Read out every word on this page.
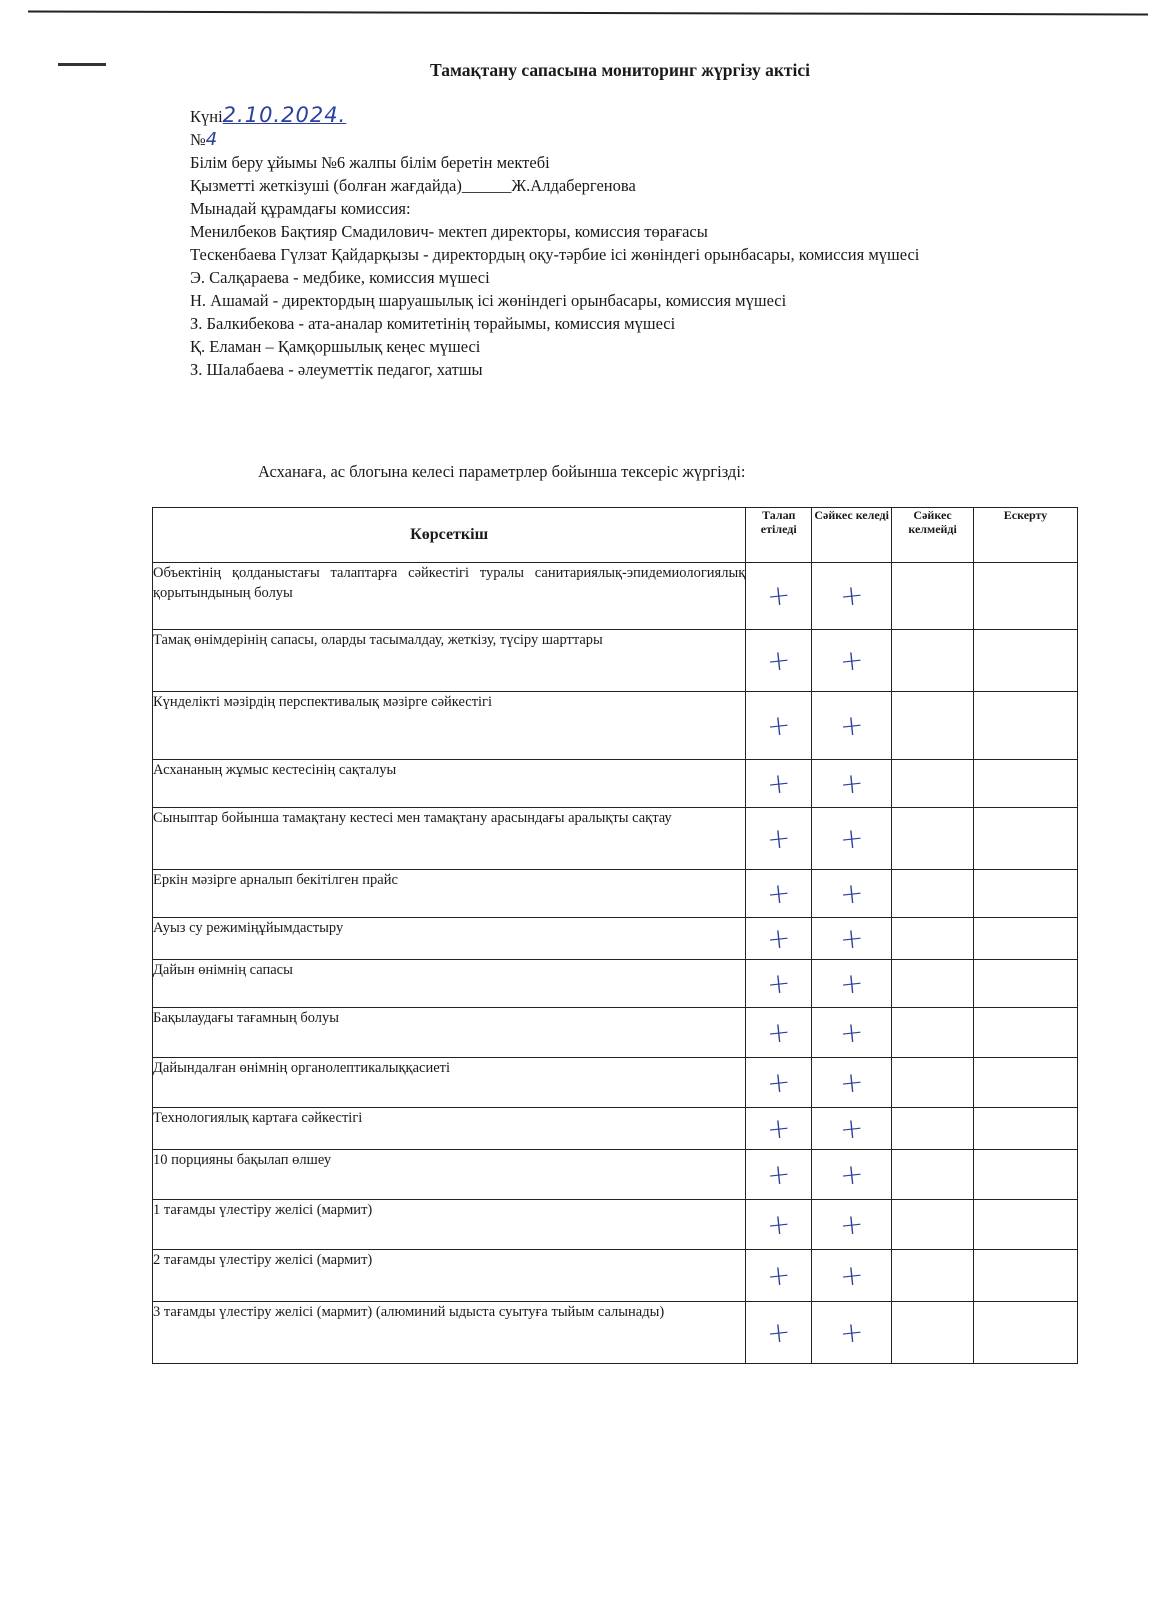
Тамақтану сапасына мониторинг жүргізу актісі
Күні2.10.2024.
№4
Білім беру ұйымы №6 жалпы білім беретін мектебі
Қызметті жеткізуші (болған жағдайда)______Ж.Алдабергенова
Мынадай құрамдағы комиссия:
Менилбеков Бақтияр Смадилович- мектеп директоры, комиссия төрағасы
Тескенбаева Гүлзат Қайдарқызы - директордың оқу-тәрбие ісі жөніндегі орынбасары, комиссия мүшесі
Э. Салқараева - медбике, комиссия мүшесі
Н. Ашамай - директордың шаруашылық ісі жөніндегі орынбасары, комиссия мүшесі
З. Балкибекова - ата-аналар комитетінің төрайымы, комиссия мүшесі
Қ. Еламан – Қамқоршылық кеңес мүшесі
З. Шалабаева - әлеуметтік педагог, хатшы
Асханаға, ас блогына келесі параметрлер бойынша тексеріс жүргізді:
Көрсеткіш	Талап етіледі	Сәйкес келеді	Сәйкес келмейді	Ескерту
Объектінің қолданыстағы талаптарға сәйкестігі туралы санитариялық-эпидемиологиялық қорытындының болуы	+	+		
Тамақ өнімдерінің сапасы, оларды тасымалдау, жеткізу, түсіру шарттары	+	+		
Күнделікті мәзірдің перспективалық мәзірге сәйкестігі	+	+		
Асхананың жұмыс кестесінің сақталуы	+	+		
Сыныптар бойынша тамақтану кестесі мен тамақтану арасындағы аралықты сақтау	+	+		
Еркін мәзірге арналып бекітілген прайс	+	+		
Ауыз су режиміңұйымдастыру	+	+		
Дайын өнімнің сапасы	+	+		
Бақылаудағы тағамның болуы	+	+		
Дайындалған өнімнің органолептикалыққасиеті	+	+		
Технологиялық картаға сәйкестігі	+	+		
10 порцияны бақылап өлшеу	+	+		
1 тағамды үлестіру желісі (мармит)	+	+		
2 тағамды үлестіру желісі (мармит)	+	+		
3 тағамды үлестіру желісі (мармит) (алюминий ыдыста суытуға тыйым салынады)	+	+		
